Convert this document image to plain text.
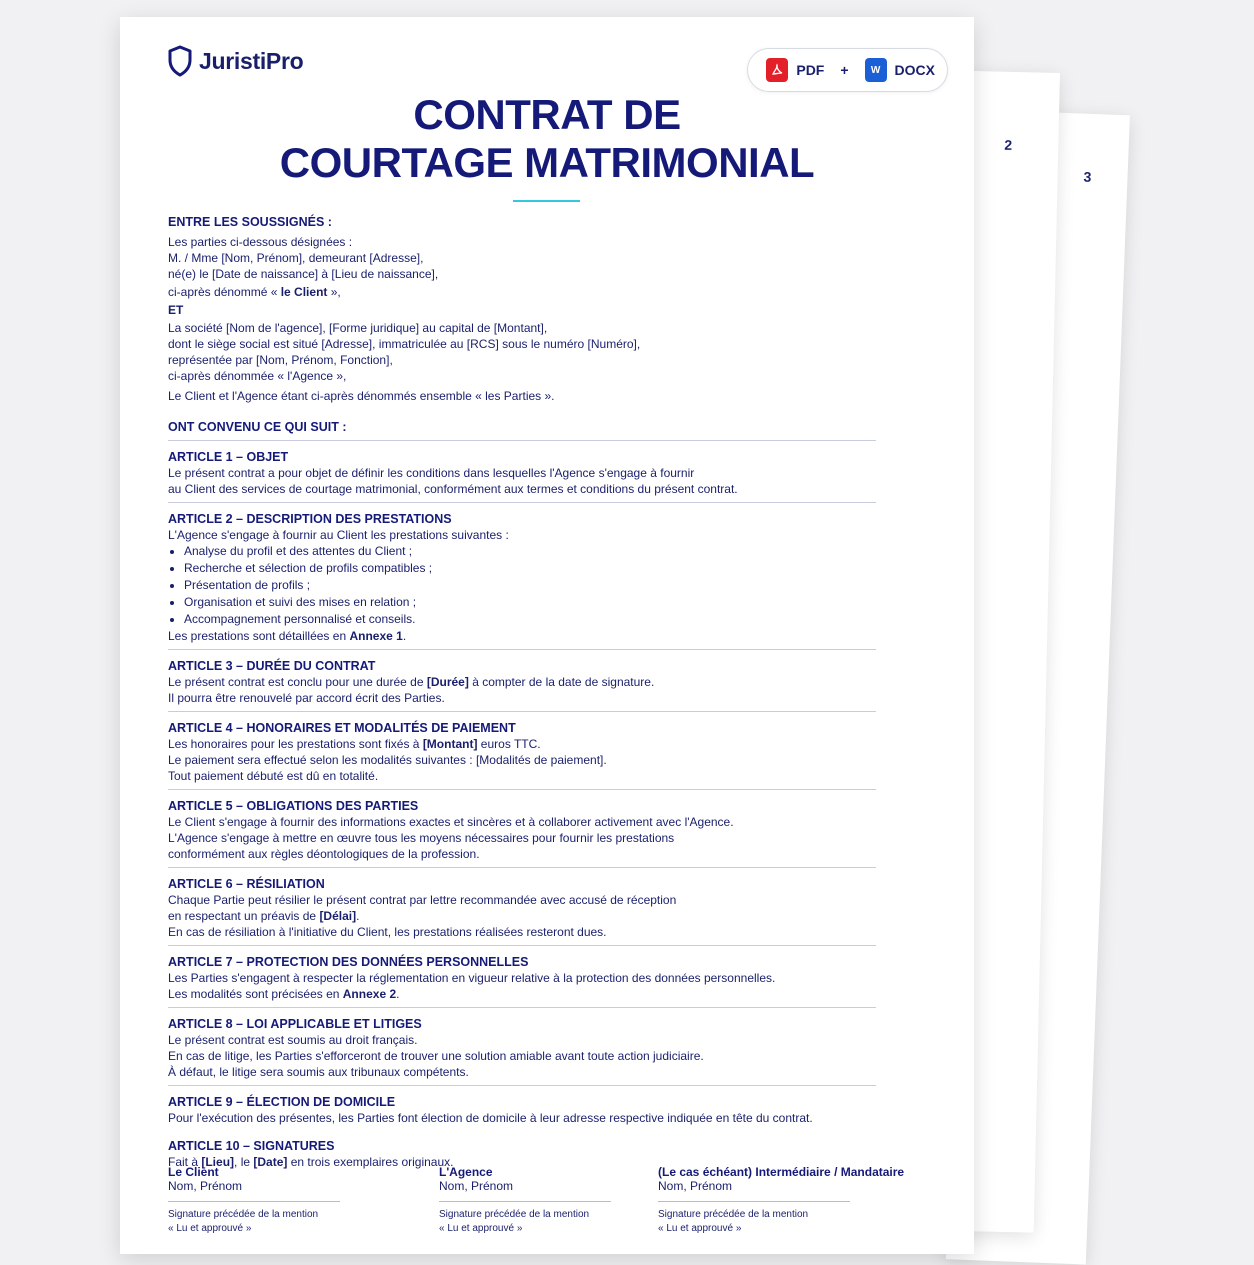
3
2
JuristiPro	PDF +	W	DOCX
CONTRAT DE
COURTAGE MATRIMONIAL

ENTRE LES SOUSSIGNÉS :

Les parties ci-dessous désignées :

M. / Mme [Nom, Prénom], demeurant [Adresse],

né(e) le [Date de naissance] à [Lieu de naissance],

ci-après dénommé « le Client »,

ET

La société [Nom de l'agence], [Forme juridique] au capital de [Montant],

dont le siège social est situé [Adresse], immatriculée au [RCS] sous le numéro [Numéro],

représentée par [Nom, Prénom, Fonction],

ci-après dénommée « l'Agence »,

Le Client et l'Agence étant ci-après dénommés ensemble « les Parties ».

ONT CONVENU CE QUI SUIT :

ARTICLE 1 – OBJET

Le présent contrat a pour objet de définir les conditions dans lesquelles l'Agence s'engage à fournir

au Client des services de courtage matrimonial, conformément aux termes et conditions du présent contrat.

ARTICLE 2 – DESCRIPTION DES PRESTATIONS

L'Agence s'engage à fournir au Client les prestations suivantes :

• Analyse du profil et des attentes du Client ;
• Recherche et sélection de profils compatibles ;
• Présentation de profils ;
• Organisation et suivi des mises en relation ;
• Accompagnement personnalisé et conseils.

Les prestations sont détaillées en Annexe 1.

ARTICLE 3 – DURÉE DU CONTRAT

Le présent contrat est conclu pour une durée de [Durée] à compter de la date de signature.

Il pourra être renouvelé par accord écrit des Parties.

ARTICLE 4 – HONORAIRES ET MODALITÉS DE PAIEMENT

Les honoraires pour les prestations sont fixés à [Montant] euros TTC.

Le paiement sera effectué selon les modalités suivantes : [Modalités de paiement].

Tout paiement débuté est dû en totalité.

ARTICLE 5 – OBLIGATIONS DES PARTIES

Le Client s'engage à fournir des informations exactes et sincères et à collaborer activement avec l'Agence.

L'Agence s'engage à mettre en œuvre tous les moyens nécessaires pour fournir les prestations

conformément aux règles déontologiques de la profession.

ARTICLE 6 – RÉSILIATION

Chaque Partie peut résilier le présent contrat par lettre recommandée avec accusé de réception

en respectant un préavis de [Délai].

En cas de résiliation à l'initiative du Client, les prestations réalisées resteront dues.

ARTICLE 7 – PROTECTION DES DONNÉES PERSONNELLES

Les Parties s'engagent à respecter la réglementation en vigueur relative à la protection des données personnelles.

Les modalités sont précisées en Annexe 2.

ARTICLE 8 – LOI APPLICABLE ET LITIGES

Le présent contrat est soumis au droit français.

En cas de litige, les Parties s'efforceront de trouver une solution amiable avant toute action judiciaire.

À défaut, le litige sera soumis aux tribunaux compétents.

ARTICLE 9 – ÉLECTION DE DOMICILE

Pour l'exécution des présentes, les Parties font élection de domicile à leur adresse respective indiquée en tête du contrat.

ARTICLE 10 – SIGNATURES

Fait à [Lieu], le [Date] en trois exemplaires originaux.

Le Client
Nom, Prénom
Signature précédée de la mention
« Lu et approuvé »
L'Agence
Nom, Prénom
Signature précédée de la mention
« Lu et approuvé »
(Le cas échéant) Intermédiaire / Mandataire
Nom, Prénom
Signature précédée de la mention
« Lu et approuvé »
